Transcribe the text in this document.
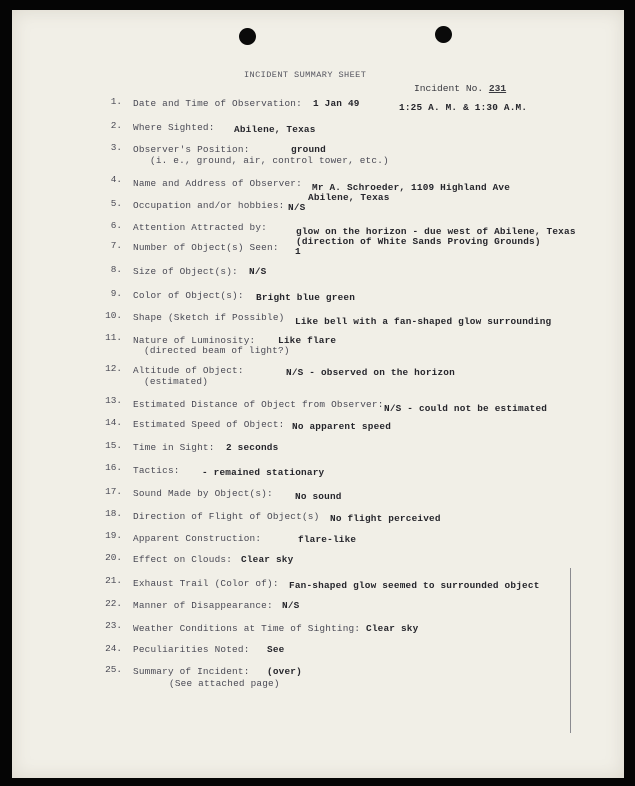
INCIDENT SUMMARY SHEET
Incident No. 231
1. Date and Time of Observation: 1 Jan 49	1:25 A. M. & 1:30 A.M.
2. Where Sighted: Abilene, Texas
3. Observer's Position:	ground
(i. e., ground, air, control tower, etc.)
4. Name and Address of Observer: Mr A. Schroeder, 1109 Highland Ave
Abilene, Texas
5. Occupation and/or hobbies: N/S
6. Attention Attracted by:	glow on the horizon - due west of Abilene, Texas
(direction of White Sands Proving Grounds)
7. Number of Object(s) Seen: 1
8. Size of Object(s): N/S
9. Color of Object(s): Bright blue green
10. Shape (Sketch if Possible) Like bell with a fan-shaped glow surrounding
11. Nature of Luminosity: Like flare
(directed beam of light?)
12. Altitude of Object:	N/S - observed on the horizon
(estimated)
13. Estimated Distance of Object from Observer: N/S - could not be estimated
14. Estimated Speed of Object: No apparent speed
15. Time in Sight: 2 seconds
16. Tactics: - remained stationary
17. Sound Made by Object(s): No sound
18. Direction of Flight of Object(s) No flight perceived
19. Apparent Construction:	flare-like
20. Effect on Clouds: Clear sky
21. Exhaust Trail (Color of): Fan-shaped glow seemed to surrounded object
22. Manner of Disappearance: N/S
23. Weather Conditions at Time of Sighting: Clear sky
24. Peculiarities Noted: See
25. Summary of Incident: (over)
(See attached page)
